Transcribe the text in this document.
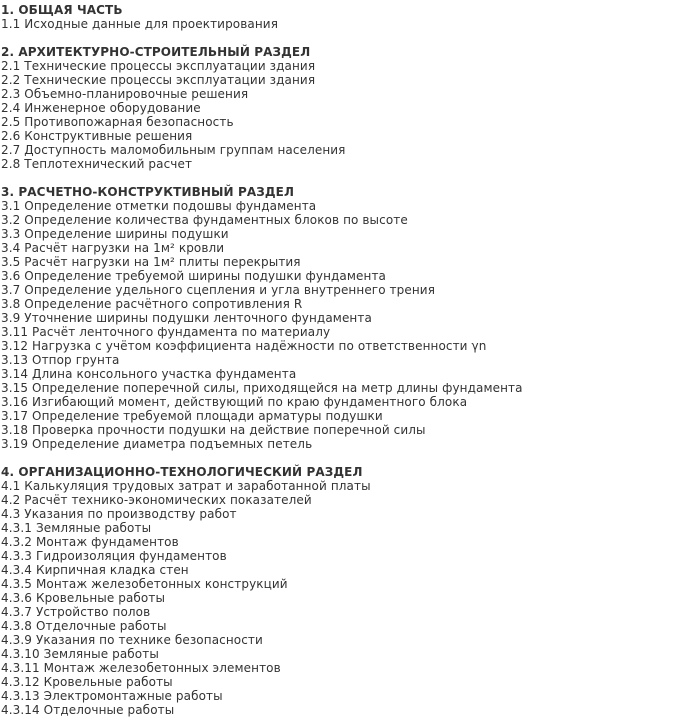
1. ОБЩАЯ ЧАСТЬ
1.1 Исходные данные для проектирования
2. АРХИТЕКТУРНО-СТРОИТЕЛЬНЫЙ РАЗДЕЛ
2.1 Технические процессы эксплуатации здания
2.2 Технические процессы эксплуатации здания
2.3 Объемно-планировочные решения
2.4 Инженерное оборудование
2.5 Противопожарная безопасность
2.6 Конструктивные решения
2.7 Доступность маломобильным группам населения
2.8 Теплотехнический расчет
3. РАСЧЕТНО-КОНСТРУКТИВНЫЙ РАЗДЕЛ
3.1 Определение отметки подошвы фундамента
3.2 Определение количества фундаментных блоков по высоте
3.3 Определение ширины подушки
3.4 Расчёт нагрузки на 1м² кровли
3.5 Расчёт нагрузки на 1м² плиты перекрытия
3.6 Определение требуемой ширины подушки фундамента
3.7 Определение удельного сцепления и угла внутреннего трения
3.8 Определение расчётного сопротивления R
3.9 Уточнение ширины подушки ленточного фундамента
3.11 Расчёт ленточного фундамента по материалу
3.12 Нагрузка с учётом коэффициента надёжности по ответственности γn
3.13 Отпор грунта
3.14 Длина консольного участка фундамента
3.15 Определение поперечной силы, приходящейся на метр длины фундамента
3.16 Изгибающий момент, действующий по краю фундаментного блока
3.17 Определение требуемой площади арматуры подушки
3.18 Проверка прочности подушки на действие поперечной силы
3.19 Определение диаметра подъемных петель
4. ОРГАНИЗАЦИОННО-ТЕХНОЛОГИЧЕСКИЙ РАЗДЕЛ
4.1 Калькуляция трудовых затрат и заработанной платы
4.2 Расчёт технико-экономических показателей
4.3 Указания по производству работ
4.3.1 Земляные работы
4.3.2 Монтаж фундаментов
4.3.3 Гидроизоляция фундаментов
4.3.4 Кирпичная кладка стен
4.3.5 Монтаж железобетонных конструкций
4.3.6 Кровельные работы
4.3.7 Устройство полов
4.3.8 Отделочные работы
4.3.9 Указания по технике безопасности
4.3.10 Земляные работы
4.3.11 Монтаж железобетонных элементов
4.3.12 Кровельные работы
4.3.13 Электромонтажные работы
4.3.14 Отделочные работы
